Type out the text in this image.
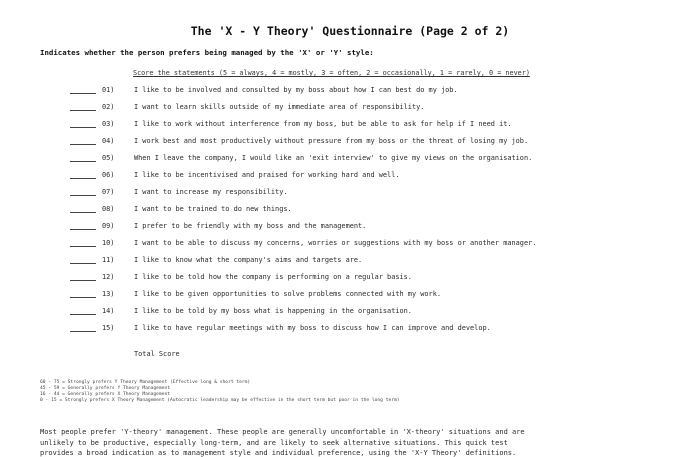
The 'X - Y Theory' Questionnaire (Page 2 of 2)
Indicates whether the person prefers being managed by the 'X' or 'Y' style:
Score the statements (5 = always, 4 = mostly, 3 = often, 2 = occasionally, 1 = rarely, 0 = never)
01)	I like to be involved and consulted by my boss about how I can best do my job.
02)	I want to learn skills outside of my immediate area of responsibility.
03)	I like to work without interference from my boss, but be able to ask for help if I need it.
04)	I work best and most productively without pressure from my boss or the threat of losing my job.
05)	When I leave the company, I would like an 'exit interview' to give my views on the organisation.
06)	I like to be incentivised and praised for working hard and well.
07)	I want to increase my responsibility.
08)	I want to be trained to do new things.
09)	I prefer to be friendly with my boss and the management.
10)	I want to be able to discuss my concerns, worries or suggestions with my boss or another manager.
11)	I like to know what the company's aims and targets are.
12)	I like to be told how the company is performing on a regular basis.
13)	I like to be given opportunities to solve problems connected with my work.
14)	I like to be told by my boss what is happening in the organisation.
15)	I like to have regular meetings with my boss to discuss how I can improve and develop.
Total Score
60 - 75 = Strongly prefers Y Theory Management (Effective long & short term)
45 - 59 = Generally prefers Y Theory Management
16 - 44 = Generally prefers X Theory Management
0 - 15 = Strongly prefers X Theory Management (Autocratic leadership may be effective in the short term but poor in the long term)
Most people prefer 'Y-theory' management. These people are generally uncomfortable in 'X-theory' situations and are
unlikely to be productive, especially long-term, and are likely to seek alternative situations. This quick test
provides a broad indication as to management style and individual preference, using the 'X-Y Theory' definitions.
